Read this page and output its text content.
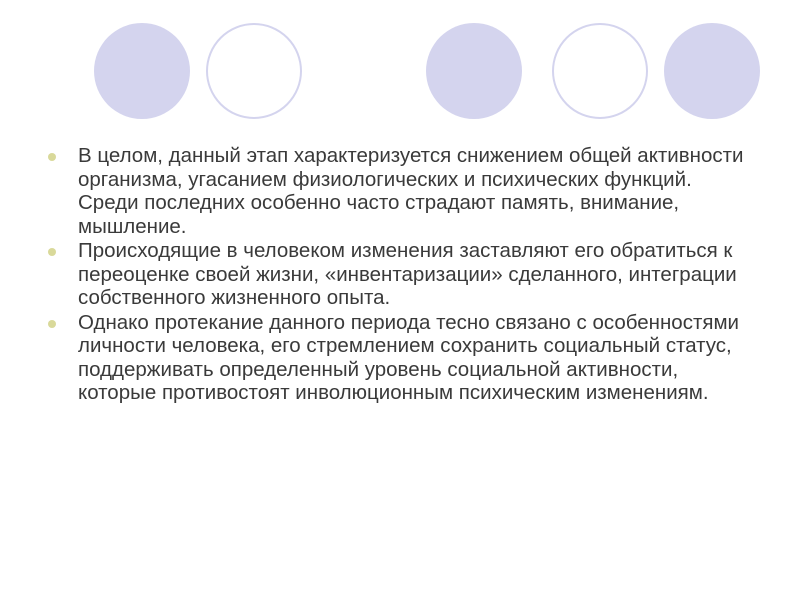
В целом, данный этап характеризуется снижением общей активности организма, угасанием физиологических и психических функций. Среди последних особенно часто страдают память, внимание, мышление.
Происходящие в человеком изменения заставляют его обратиться к переоценке своей жизни, «инвентаризации» сделанного, интеграции собственного жизненного опыта.
Однако протекание данного периода тесно связано с особенностями личности человека, его стремлением сохранить социальный статус, поддерживать определенный уровень социальной активности, которые противостоят инволюционным психическим изменениям.
